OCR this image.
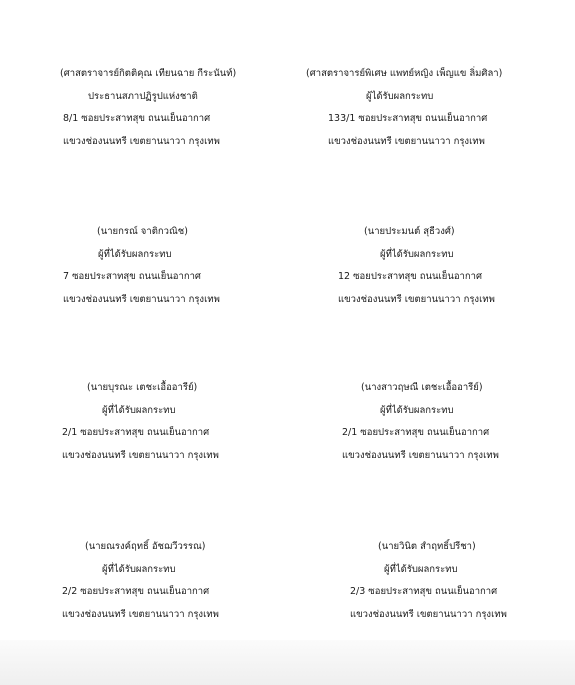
(ศาสตราจารย์กิตติคุณ เทียนฉาย กีระนันท์)
ประธานสภาปฏิรูปแห่งชาติ
8/1 ซอยประสาทสุข ถนนเย็นอากาศ
แขวงช่องนนทรี เขตยานนาวา กรุงเทพ
(ศาสตราจารย์พิเศษ แพทย์หญิง เพ็ญแข ลิ่มศิลา)
ผู้ได้รับผลกระทบ
133/1 ซอยประสาทสุข ถนนเย็นอากาศ
แขวงช่องนนทรี เขตยานนาวา กรุงเทพ
(นายกรณ์ จาติกวณิช)
ผู้ที่ได้รับผลกระทบ
7 ซอยประสาทสุข ถนนเย็นอากาศ
แขวงช่องนนทรี เขตยานนาวา กรุงเทพ
(นายประมนต์ สุธีวงศ์)
ผู้ที่ได้รับผลกระทบ
12 ซอยประสาทสุข ถนนเย็นอากาศ
แขวงช่องนนทรี เขตยานนาวา กรุงเทพ
(นายบุรณะ เตชะเอื้ออารีย์)
ผู้ที่ได้รับผลกระทบ
2/1 ซอยประสาทสุข ถนนเย็นอากาศ
แขวงช่องนนทรี เขตยานนาวา กรุงเทพ
(นางสาวฤษณี เตชะเอื้ออารีย์)
ผู้ที่ได้รับผลกระทบ
2/1 ซอยประสาทสุข ถนนเย็นอากาศ
แขวงช่องนนทรี เขตยานนาวา กรุงเทพ
(นายณรงค์ฤทธิ์ อัชฌวีวรรณ)
ผู้ที่ได้รับผลกระทบ
2/2 ซอยประสาทสุข ถนนเย็นอากาศ
แขวงช่องนนทรี เขตยานนาวา กรุงเทพ
(นายวินิต สำฤทธิ์ปรีชา)
ผู้ที่ได้รับผลกระทบ
2/3 ซอยประสาทสุข ถนนเย็นอากาศ
แขวงช่องนนทรี เขตยานนาวา กรุงเทพ
